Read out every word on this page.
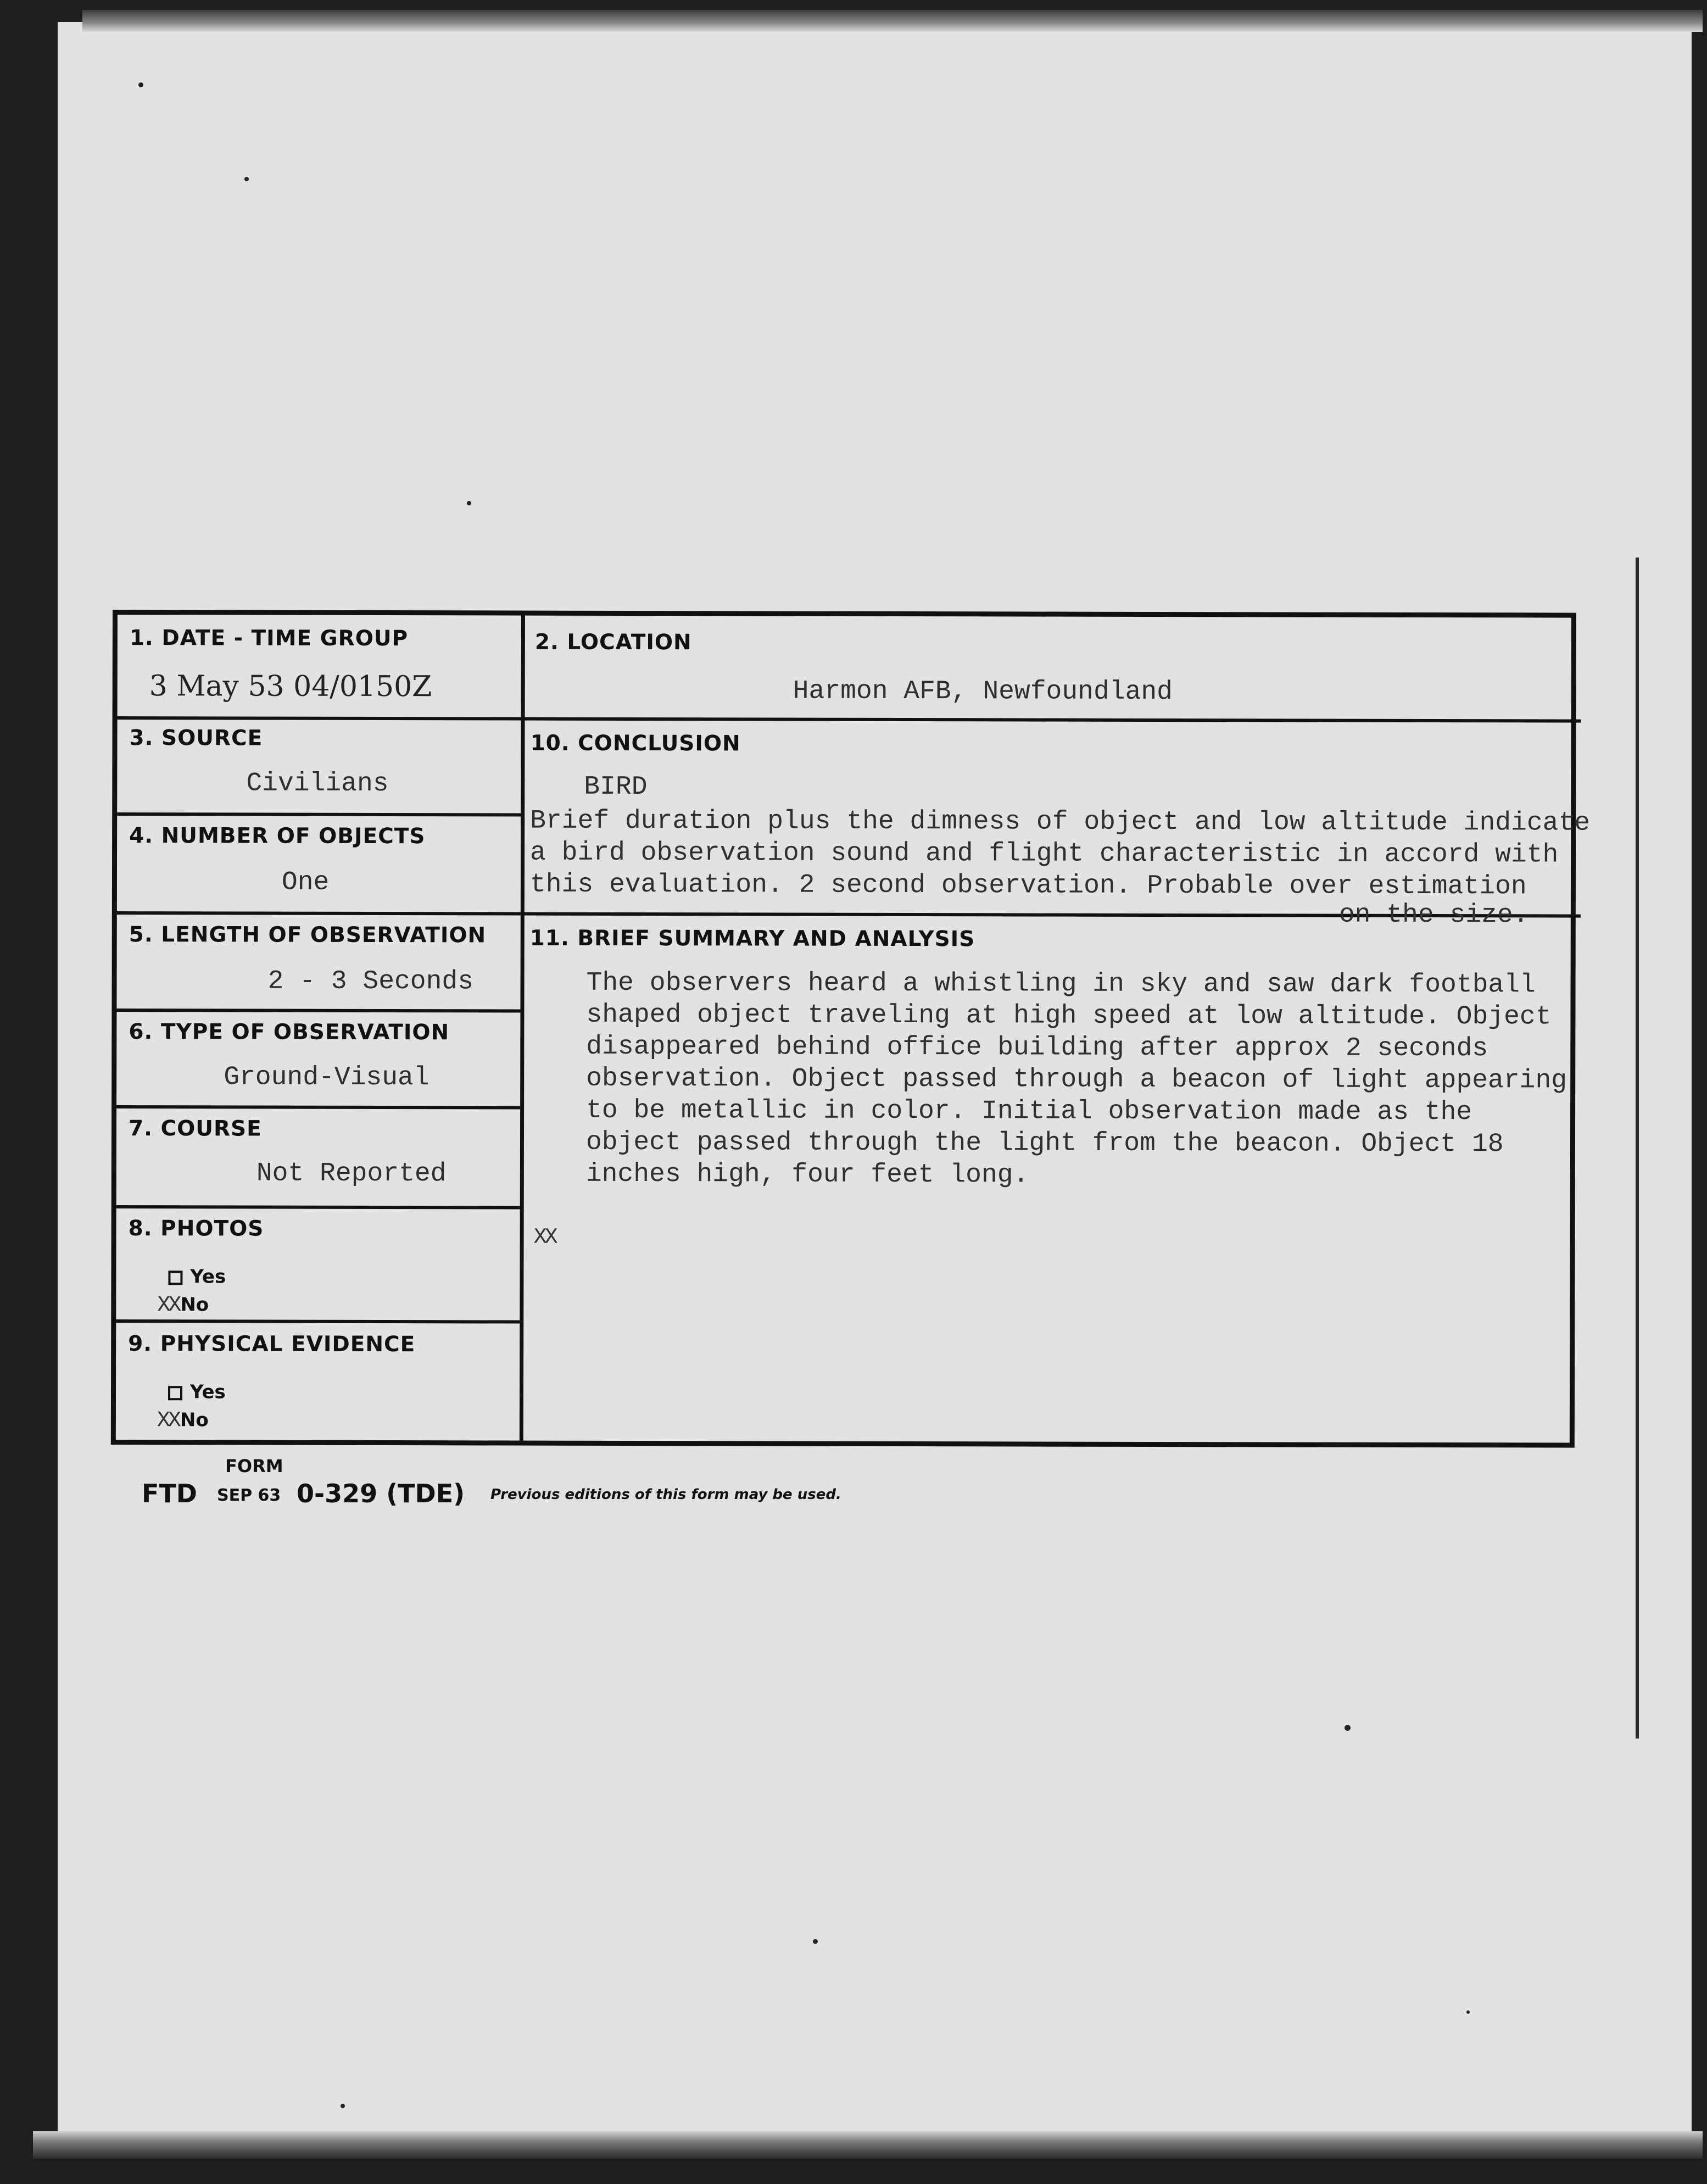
1. DATE - TIME GROUP
3 May 53 04/0150Z
2. LOCATION
Harmon AFB, Newfoundland
3. SOURCE
Civilians
4. NUMBER OF OBJECTS
One
5. LENGTH OF OBSERVATION
2 - 3 Seconds
6. TYPE OF OBSERVATION
Ground-Visual
7. COURSE
Not Reported
8. PHOTOS
Yes
XXNo
9. PHYSICAL EVIDENCE
Yes
XXNo
10. CONCLUSION
BIRD
Brief duration plus the dimness of object and low altitude indicate
a bird observation sound and flight characteristic in accord with
this evaluation. 2 second observation. Probable over estimation
on the size.
11. BRIEF SUMMARY AND ANALYSIS
The observers heard a whistling in sky and saw dark football
shaped object traveling at high speed at low altitude. Object
disappeared behind office building after approx 2 seconds
observation. Object passed through a beacon of light appearing
to be metallic in color. Initial observation made as the
object passed through the light from the beacon. Object 18
inches high, four feet long.
XX
FORM
FTD SEP 63 0-329 (TDE) Previous editions of this form may be used.
